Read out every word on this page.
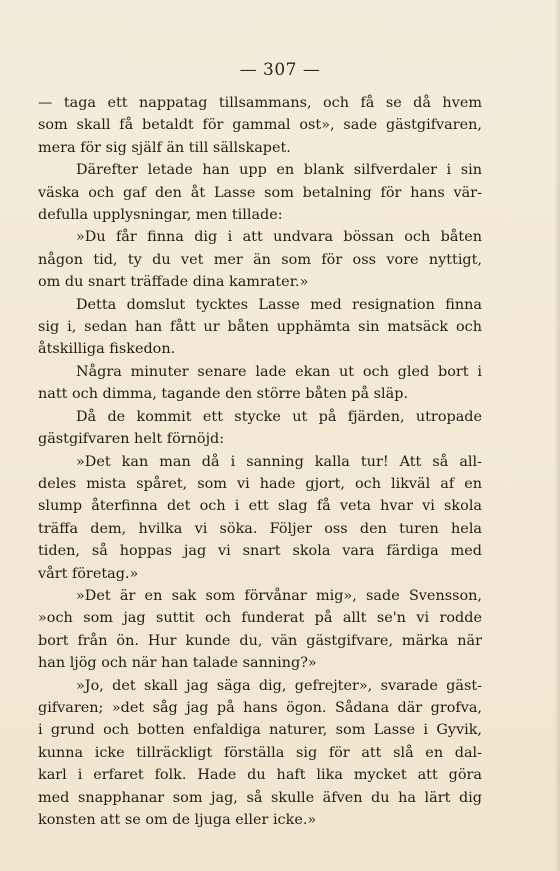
— 307 —
— taga ett nappatag tillsammans, och få se då hvem
som skall få betaldt för gammal ost», sade gästgifvaren,
mera för sig själf än till sällskapet.
Därefter letade han upp en blank silfverdaler i sin
väska och gaf den åt Lasse som betalning för hans vär-
defulla upplysningar, men tillade:
»Du får finna dig i att undvara bössan och båten
någon tid, ty du vet mer än som för oss vore nyttigt,
om du snart träffade dina kamrater.»
Detta domslut tycktes Lasse med resignation finna
sig i, sedan han fått ur båten upphämta sin matsäck och
åtskilliga fiskedon.
Några minuter senare lade ekan ut och gled bort i
natt och dimma, tagande den större båten på släp.
Då de kommit ett stycke ut på fjärden, utropade
gästgifvaren helt förnöjd:
»Det kan man då i sanning kalla tur! Att så all-
deles mista spåret, som vi hade gjort, och likväl af en
slump återfinna det och i ett slag få veta hvar vi skola
träffa dem, hvilka vi söka. Följer oss den turen hela
tiden, så hoppas jag vi snart skola vara färdiga med
vårt företag.»
»Det är en sak som förvånar mig», sade Svensson,
»och som jag suttit och funderat på allt se'n vi rodde
bort från ön. Hur kunde du, vän gästgifvare, märka när
han ljög och när han talade sanning?»
»Jo, det skall jag säga dig, gefrejter», svarade gäst-
gifvaren; »det såg jag på hans ögon. Sådana där grofva,
i grund och botten enfaldiga naturer, som Lasse i Gyvik,
kunna icke tillräckligt förställa sig för att slå en dal-
karl i erfaret folk. Hade du haft lika mycket att göra
med snapphanar som jag, så skulle äfven du ha lärt dig
konsten att se om de ljuga eller icke.»
